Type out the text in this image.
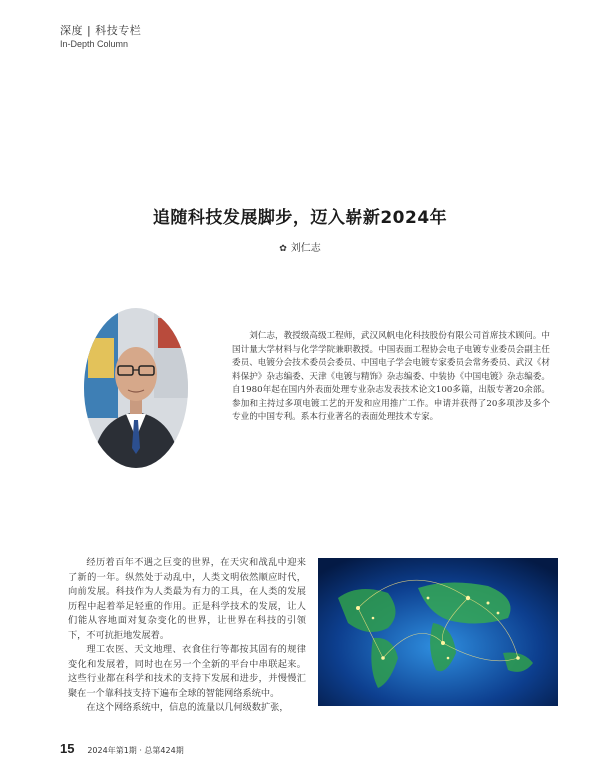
深度 | 科技专栏
In-Depth Column
追随科技发展脚步，迈入崭新2024年
✿ 刘仁志
刘仁志，教授级高级工程师，武汉风帆电化科技股份有限公司首席技术顾问。中国计量大学材料与化学学院兼职教授。中国表面工程协会电子电镀专业委员会副主任委员、电镀分会技术委员会委员、中国电子学会电镀专家委员会常务委员、武汉《材料保护》杂志编委、天津《电镀与精饰》杂志编委、中装协《中国电镀》杂志编委。自1980年起在国内外表面处理专业杂志发表技术论文100多篇，出版专著20余部。参加和主持过多项电镀工艺的开发和应用推广工作。申请并获得了20多项涉及多个专业的中国专利。系本行业著名的表面处理技术专家。

经历着百年不遇之巨变的世界，在天灾和战乱中迎来了新的一年。纵然处于动乱中，人类文明依然顺应时代，向前发展。科技作为人类最为有力的工具，在人类的发展历程中起着举足轻重的作用。正是科学技术的发展，让人们能从容地面对复杂变化的世界，让世界在科技的引领下，不可抗拒地发展着。

理工农医、天文地理、衣食住行等都按其固有的规律变化和发展着，同时也在另一个全新的平台中串联起来。这些行业都在科学和技术的支持下发展和进步，并慢慢汇聚在一个靠科技支持下遍布全球的智能网络系统中。

在这个网络系统中，信息的流量以几何级数扩张，

15 2024年第1期 · 总第424期
